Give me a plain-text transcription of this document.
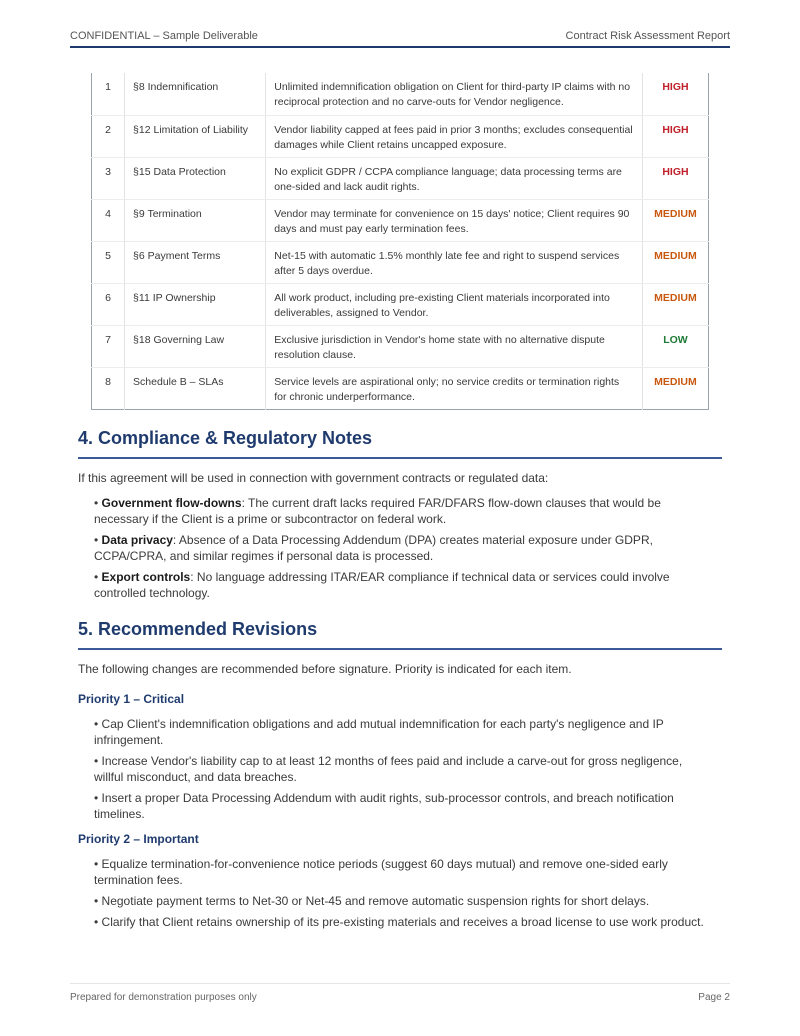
CONFIDENTIAL – Sample Deliverable	Contract Risk Assessment Report
1	§8 Indemnification	Unlimited indemnification obligation on Client for third-party IP claims with no reciprocal protection and no carve-outs for Vendor negligence.	HIGH
2	§12 Limitation of Liability	Vendor liability capped at fees paid in prior 3 months; excludes consequential damages while Client retains uncapped exposure.	HIGH
3	§15 Data Protection	No explicit GDPR / CCPA compliance language; data processing terms are one-sided and lack audit rights.	HIGH
4	§9 Termination	Vendor may terminate for convenience on 15 days' notice; Client requires 90 days and must pay early termination fees.	MEDIUM
5	§6 Payment Terms	Net-15 with automatic 1.5% monthly late fee and right to suspend services after 5 days overdue.	MEDIUM
6	§11 IP Ownership	All work product, including pre-existing Client materials incorporated into deliverables, assigned to Vendor.	MEDIUM
7	§18 Governing Law	Exclusive jurisdiction in Vendor's home state with no alternative dispute resolution clause.	LOW
8	Schedule B – SLAs	Service levels are aspirational only; no service credits or termination rights for chronic underperformance.	MEDIUM
4. Compliance & Regulatory Notes
If this agreement will be used in connection with government contracts or regulated data:
• Government flow-downs: The current draft lacks required FAR/DFARS flow-down clauses that would be necessary if the Client is a prime or subcontractor on federal work.
• Data privacy: Absence of a Data Processing Addendum (DPA) creates material exposure under GDPR, CCPA/CPRA, and similar regimes if personal data is processed.
• Export controls: No language addressing ITAR/EAR compliance if technical data or services could involve controlled technology.
5. Recommended Revisions
The following changes are recommended before signature. Priority is indicated for each item.
Priority 1 – Critical
• Cap Client's indemnification obligations and add mutual indemnification for each party's negligence and IP infringement.
• Increase Vendor's liability cap to at least 12 months of fees paid and include a carve-out for gross negligence, willful misconduct, and data breaches.
• Insert a proper Data Processing Addendum with audit rights, sub-processor controls, and breach notification timelines.
Priority 2 – Important
• Equalize termination-for-convenience notice periods (suggest 60 days mutual) and remove one-sided early termination fees.
• Negotiate payment terms to Net-30 or Net-45 and remove automatic suspension rights for short delays.
• Clarify that Client retains ownership of its pre-existing materials and receives a broad license to use work product.
Prepared for demonstration purposes only	Page 2
